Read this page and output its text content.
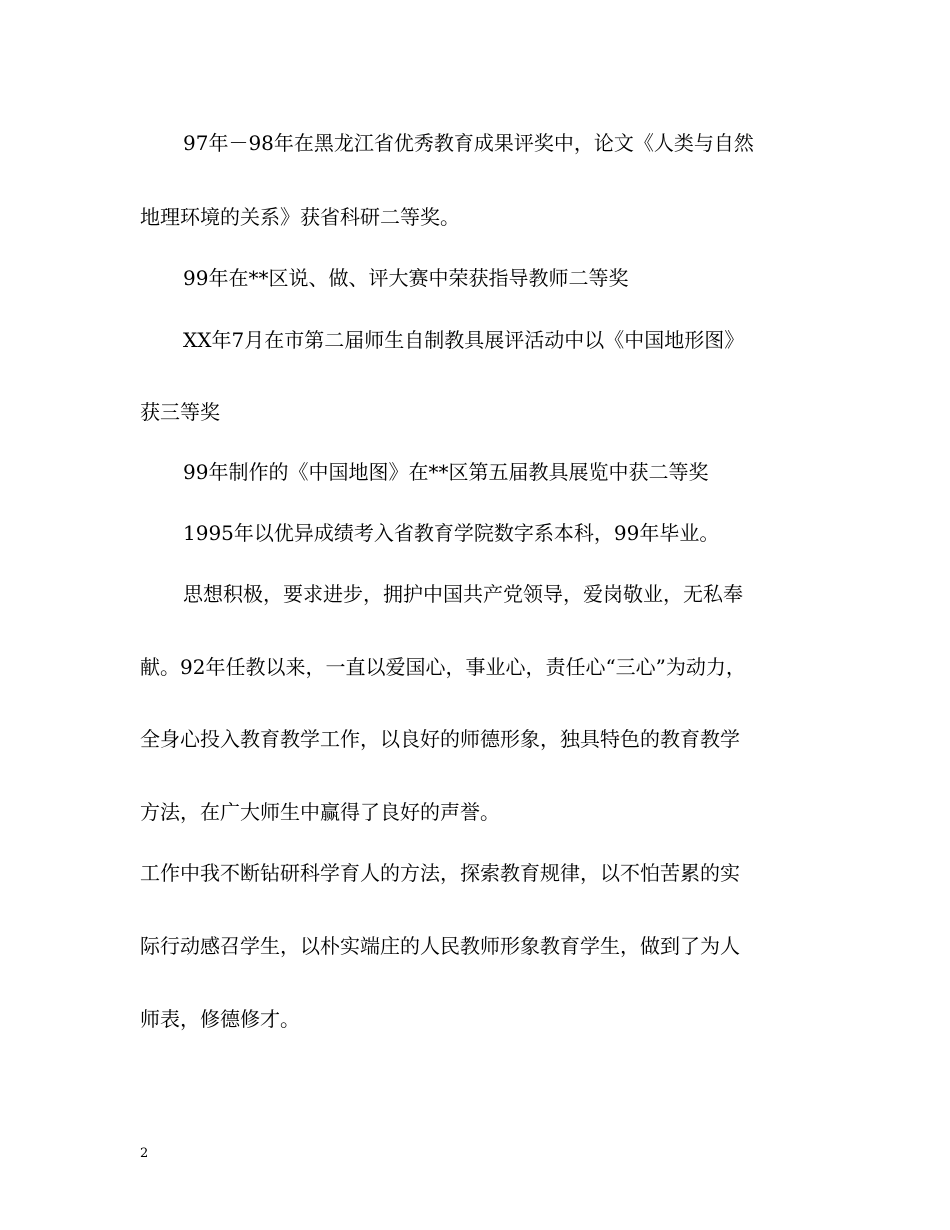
97年－98年在黑龙江省优秀教育成果评奖中，论文《人类与自然
地理环境的关系》获省科研二等奖。
99年在**区说、做、评大赛中荣获指导教师二等奖
XX年7月在市第二届师生自制教具展评活动中以《中国地形图》
获三等奖
99年制作的《中国地图》在**区第五届教具展览中获二等奖
1995年以优异成绩考入省教育学院数字系本科，99年毕业。
思想积极，要求进步，拥护中国共产党领导，爱岗敬业，无私奉
献。92年任教以来，一直以爱国心，事业心，责任心“三心”为动力，
全身心投入教育教学工作，以良好的师德形象，独具特色的教育教学
方法，在广大师生中赢得了良好的声誉。
工作中我不断钻研科学育人的方法，探索教育规律，以不怕苦累的实
际行动感召学生，以朴实端庄的人民教师形象教育学生，做到了为人
师表，修德修才。
2
